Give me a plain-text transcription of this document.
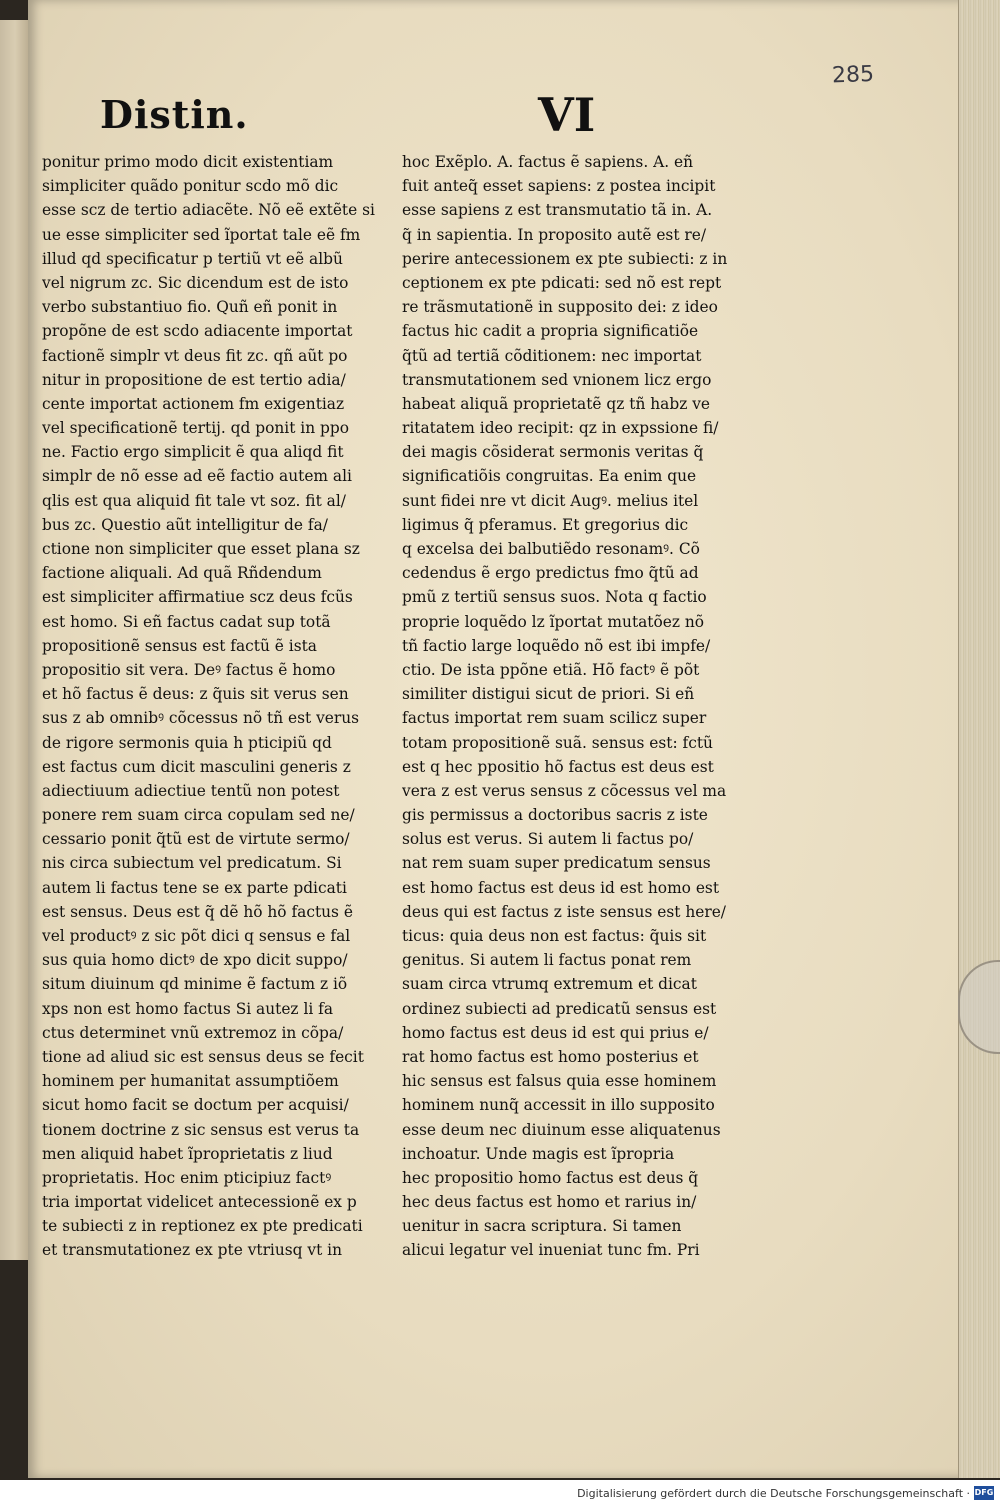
285
Distin.	VI
ponitur primo modo dicit existentiam
simpliciter quãdo ponitur scdo mõ dic
esse scz de tertio adiacẽte. Nõ eẽ extẽte si
ue esse simpliciter sed ĩportat tale eẽ fm
illud qd specificatur p tertiũ vt eẽ albũ
vel nigrum zc. Sic dicendum est de isto
verbo substantiuo fio. Quñ eñ ponit in
propõne de est scdo adiacente importat
factionẽ simplr vt deus fit zc. qñ aũt po
nitur in propositione de est tertio adia/
cente importat actionem fm exigentiaz
vel specificationẽ tertij. qd ponit in ppo
ne. Factio ergo simplicit ẽ qua aliqd fit
simplr de nõ esse ad eẽ factio autem ali
qlis est qua aliquid fit tale vt soz. fit al/
bus zc. Questio aũt intelligitur de fa/
ctione non simpliciter que esset plana sz
factione aliquali. Ad quã Rñdendum
est simpliciter affirmatiue scz deus fcũs
est homo. Si eñ factus cadat sup totã
propositionẽ sensus est factũ ẽ ista
propositio sit vera. Deꝰ factus ẽ homo
et hõ factus ẽ deus: z q̃uis sit verus sen
sus z ab omnibꝰ cõcessus nõ tñ est verus
de rigore sermonis quia h pticipiũ qd
est factus cum dicit masculini generis z
adiectiuum adiectiue tentũ non potest
ponere rem suam circa copulam sed ne/
cessario ponit q̃tũ est de virtute sermo/
nis circa subiectum vel predicatum. Si
autem li factus tene se ex parte pdicati
est sensus. Deus est q̃ dẽ hõ hõ factus ẽ
vel productꝰ z sic põt dici q sensus e fal
sus quia homo dictꝰ de xpo dicit suppo/
situm diuinum qd minime ẽ factum z iõ
xps non est homo factus Si autez li fa
ctus determinet vnũ extremoz in cõpa/
tione ad aliud sic est sensus deus se fecit
hominem per humanitat assumptiõem
sicut homo facit se doctum per acquisi/
tionem doctrine z sic sensus est verus ta
men aliquid habet ĩproprietatis z liud
proprietatis. Hoc enim pticipiuz factꝰ
tria importat videlicet antecessionẽ ex p
te subiecti z in reptionez ex pte predicati
et transmutationez ex pte vtriusq vt in
hoc Exẽplo. A. factus ẽ sapiens. A. eñ
fuit anteq̃ esset sapiens: z postea incipit
esse sapiens z est transmutatio tã in. A.
q̃ in sapientia. In proposito autẽ est re/
perire antecessionem ex pte subiecti: z in
ceptionem ex pte pdicati: sed nõ est rept
re trãsmutationẽ in supposito dei: z ideo
factus hic cadit a propria significatiõe
q̃tũ ad tertiã cõditionem: nec importat
transmutationem sed vnionem licz ergo
habeat aliquã proprietatẽ qz tñ habz ve
ritatatem ideo recipit: qz in expssione fi/
dei magis cõsiderat sermonis veritas q̃
significatiõis congruitas. Ea enim que
sunt fidei nre vt dicit Augꝰ. melius itel
ligimus q̃ pferamus. Et gregorius dic
q excelsa dei balbutiẽdo resonamꝰ. Cõ
cedendus ẽ ergo predictus fmo q̃tũ ad
pmũ z tertiũ sensus suos. Nota q factio
proprie loquẽdo lz ĩportat mutatõez nõ
tñ factio large loquẽdo nõ est ibi impfe/
ctio. De ista ppõne etiã. Hõ factꝰ ẽ põt
similiter distigui sicut de priori. Si eñ
factus importat rem suam scilicz super
totam propositionẽ suã. sensus est: fctũ
est q hec ppositio hõ factus est deus est
vera z est verus sensus z cõcessus vel ma
gis permissus a doctoribus sacris z iste
solus est verus. Si autem li factus po/
nat rem suam super predicatum sensus
est homo factus est deus id est homo est
deus qui est factus z iste sensus est here/
ticus: quia deus non est factus: q̃uis sit
genitus. Si autem li factus ponat rem
suam circa vtrumq extremum et dicat
ordinez subiecti ad predicatũ sensus est
homo factus est deus id est qui prius e/
rat homo factus est homo posterius et
hic sensus est falsus quia esse hominem
hominem nunq̃ accessit in illo supposito
esse deum nec diuinum esse aliquatenus
inchoatur. Unde magis est ĩpropria
hec propositio homo factus est deus q̃
hec deus factus est homo et rarius in/
uenitur in sacra scriptura. Si tamen
alicui legatur vel inueniat tunc fm. Pri
Digitalisierung gefördert durch die Deutsche Forschungsgemeinschaft · DFG
